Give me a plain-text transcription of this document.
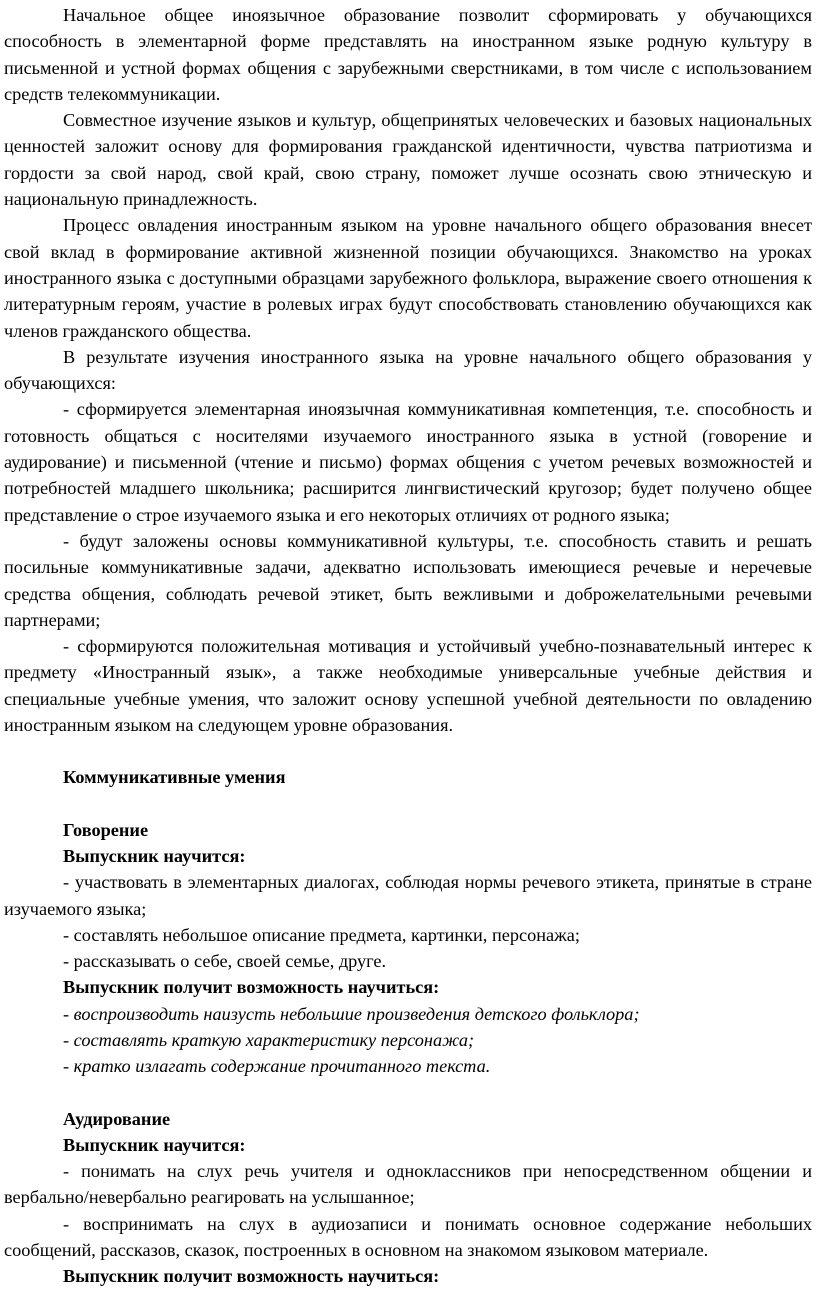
Начальное общее иноязычное образование позволит сформировать у обучающихся способность в элементарной форме представлять на иностранном языке родную культуру в письменной и устной формах общения с зарубежными сверстниками, в том числе с использованием средств телекоммуникации.

Совместное изучение языков и культур, общепринятых человеческих и базовых национальных ценностей заложит основу для формирования гражданской идентичности, чувства патриотизма и гордости за свой народ, свой край, свою страну, поможет лучше осознать свою этническую и национальную принадлежность.

Процесс овладения иностранным языком на уровне начального общего образования внесет свой вклад в формирование активной жизненной позиции обучающихся. Знакомство на уроках иностранного языка с доступными образцами зарубежного фольклора, выражение своего отношения к литературным героям, участие в ролевых играх будут способствовать становлению обучающихся как членов гражданского общества.

В результате изучения иностранного языка на уровне начального общего образования у обучающихся:

- сформируется элементарная иноязычная коммуникативная компетенция, т.е. способность и готовность общаться с носителями изучаемого иностранного языка в устной (говорение и аудирование) и письменной (чтение и письмо) формах общения с учетом речевых возможностей и потребностей младшего школьника; расширится лингвистический кругозор; будет получено общее представление о строе изучаемого языка и его некоторых отличиях от родного языка;

- будут заложены основы коммуникативной культуры, т.е. способность ставить и решать посильные коммуникативные задачи, адекватно использовать имеющиеся речевые и неречевые средства общения, соблюдать речевой этикет, быть вежливыми и доброжелательными речевыми партнерами;

- сформируются положительная мотивация и устойчивый учебно-познавательный интерес к предмету «Иностранный язык», а также необходимые универсальные учебные действия и специальные учебные умения, что заложит основу успешной учебной деятельности по овладению иностранным языком на следующем уровне образования.

Коммуникативные умения
Говорение
Выпускник научится:

- участвовать в элементарных диалогах, соблюдая нормы речевого этикета, принятые в стране изучаемого языка;

- составлять небольшое описание предмета, картинки, персонажа;

- рассказывать о себе, своей семье, друге.

Выпускник получит возможность научиться:

- воспроизводить наизусть небольшие произведения детского фольклора;

- составлять краткую характеристику персонажа;

- кратко излагать содержание прочитанного текста.

Аудирование
Выпускник научится:

- понимать на слух речь учителя и одноклассников при непосредственном общении и вербально/невербально реагировать на услышанное;

- воспринимать на слух в аудиозаписи и понимать основное содержание небольших сообщений, рассказов, сказок, построенных в основном на знакомом языковом материале.

Выпускник получит возможность научиться:
